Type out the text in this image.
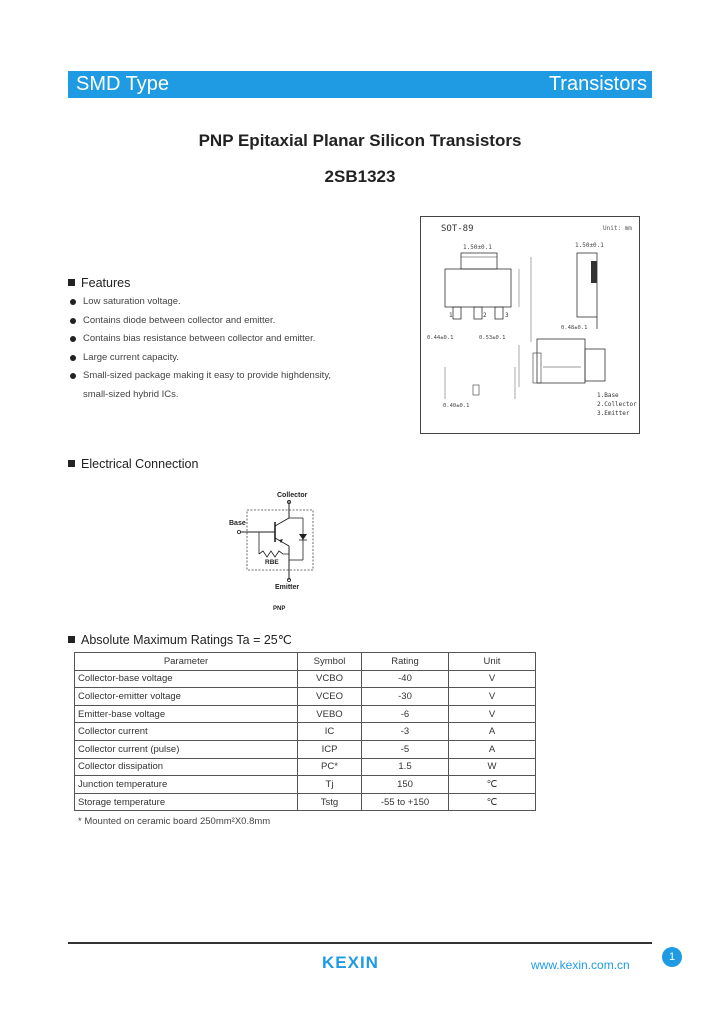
SMD Type	Transistors
PNP Epitaxial Planar Silicon Transistors
2SB1323
Features
Low saturation voltage.
Contains diode between collector and emitter.
Contains bias resistance between collector and emitter.
Large current capacity.
Small-sized package making it easy to provide highdensity,
small-sized hybrid ICs.
SOT-89	Unit: mm
1.50±0.1
1	2	3
0.44±0.1	0.53±0.1
1.50±0.1
0.48±0.1
0.40±0.1
1.Base
2.Collector
3.Emitter
Electrical Connection
Collector
Base
Emitter
RBE
PNP
Absolute Maximum Ratings Ta = 25℃
Parameter	Symbol	Rating	Unit
Collector-base voltage	VCBO	-40	V
Collector-emitter voltage	VCEO	-30	V
Emitter-base voltage	VEBO	-6	V
Collector current	IC	-3	A
Collector current (pulse)	ICP	-5	A
Collector dissipation	PC*	1.5	W
Junction temperature	Tj	150	℃
Storage temperature	Tstg	-55 to +150	℃
* Mounted on ceramic board 250mm²X0.8mm
KEXIN	www.kexin.com.cn
1
